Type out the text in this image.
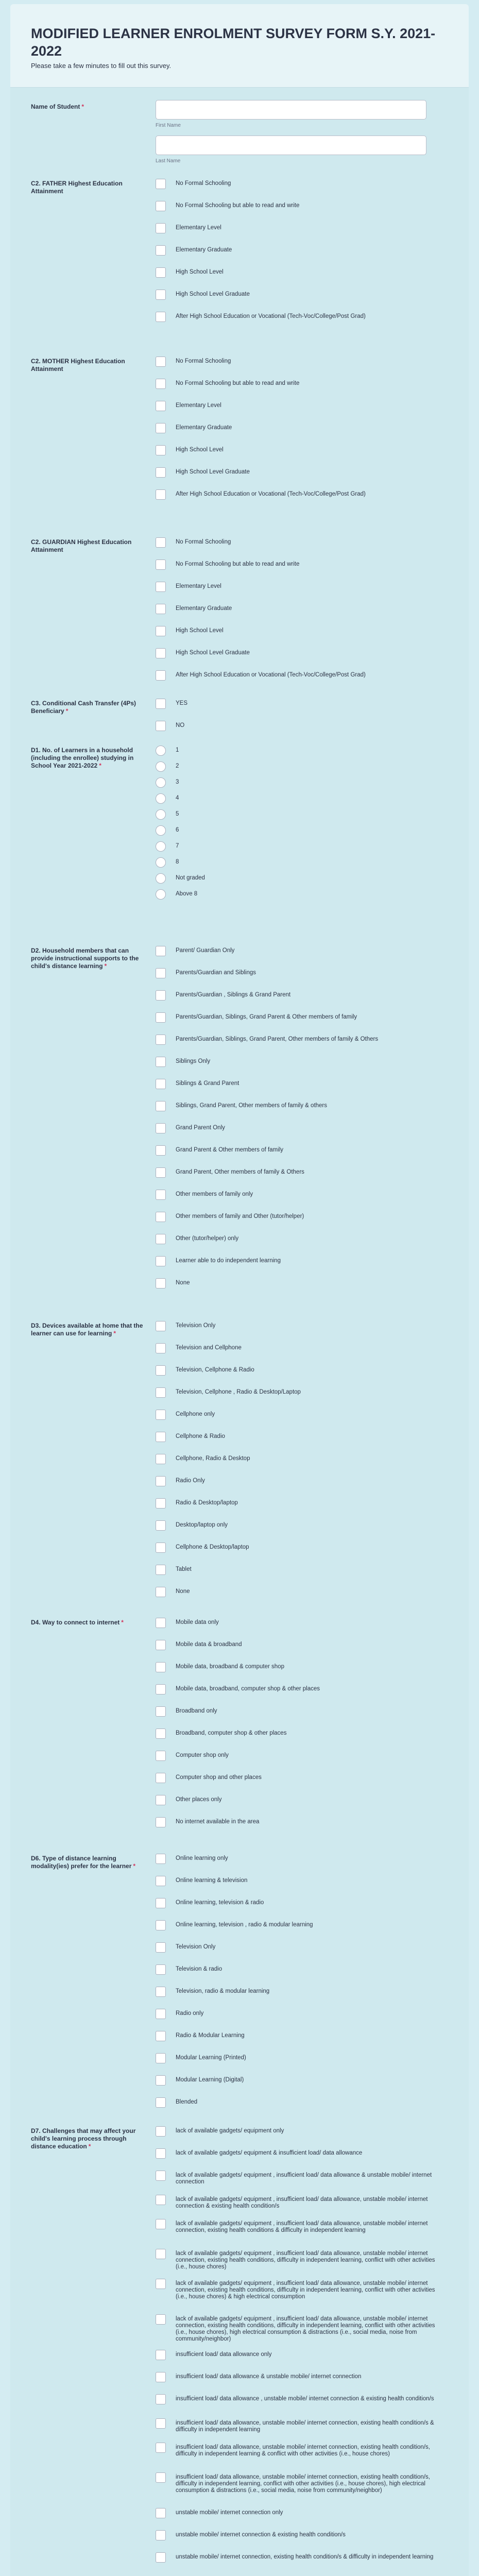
MODIFIED LEARNER ENROLMENT SURVEY FORM S.Y. 2021-2022

Please take a few minutes to fill out this survey.

Name of Student *
First Name
Last Name
C2. FATHER Highest Education Attainment
No Formal Schooling
No Formal Schooling but able to read and write
Elementary Level
Elementary Graduate
High School Level
High School Level Graduate
After High School Education or Vocational (Tech-Voc/College/Post Grad)
C2. MOTHER Highest Education Attainment
No Formal Schooling
No Formal Schooling but able to read and write
Elementary Level
Elementary Graduate
High School Level
High School Level Graduate
After High School Education or Vocational (Tech-Voc/College/Post Grad)
C2. GUARDIAN Highest Education Attainment
No Formal Schooling
No Formal Schooling but able to read and write
Elementary Level
Elementary Graduate
High School Level
High School Level Graduate
After High School Education or Vocational (Tech-Voc/College/Post Grad)
C3. Conditional Cash Transfer (4Ps) Beneficiary *
YES
NO
D1. No. of Learners in a household (including the enrollee) studying in School Year 2021-2022 *
1
2
3
4
5
6
7
8
Not graded
Above 8
D2. Household members that can provide instructional supports to the child's distance learning *
Parent/ Guardian Only
Parents/Guardian and Siblings
Parents/Guardian , Siblings & Grand Parent
Parents/Guardian, Siblings, Grand Parent & Other members of family
Parents/Guardian, Siblings, Grand Parent, Other members of family & Others
Siblings Only
Siblings & Grand Parent
Siblings, Grand Parent, Other members of family & others
Grand Parent Only
Grand Parent & Other members of family
Grand Parent, Other members of family & Others
Other members of family only
Other members of family and Other (tutor/helper)
Other (tutor/helper) only
Learner able to do independent learning
None
D3. Devices available at home that the learner can use for learning *
Television Only
Television and Cellphone
Television, Cellphone & Radio
Television, Cellphone , Radio & Desktop/Laptop
Cellphone only
Cellphone & Radio
Cellphone, Radio & Desktop
Radio Only
Radio & Desktop/laptop
Desktop/laptop only
Cellphone & Desktop/laptop
Tablet
None
D4. Way to connect to internet *	Mobile data only
Mobile data & broadband
Mobile data, broadband & computer shop
Mobile data, broadband, computer shop & other places
Broadband only
Broadband, computer shop & other places
Computer shop only
Computer shop and other places
Other places only
No internet available in the area
D6. Type of distance learning modality(ies) prefer for the learner *
Online learning only
Online learning & television
Online learning, television & radio
Online learning, television , radio & modular learning
Television Only
Television & radio
Television, radio & modular learning
Radio only
Radio & Modular Learning
Modular Learning (Printed)
Modular Learning (Digital)
Blended
D7. Challenges that may affect your child's learning process through distance education *
lack of available gadgets/ equipment only
lack of available gadgets/ equipment & insufficient load/ data allowance
lack of available gadgets/ equipment , insufficient load/ data allowance & unstable mobile/ internet connection
lack of available gadgets/ equipment , insufficient load/ data allowance, unstable mobile/ internet connection & existing health condition/s
lack of available gadgets/ equipment , insufficient load/ data allowance, unstable mobile/ internet connection, existing health conditions & difficulty in independent learning
lack of available gadgets/ equipment , insufficient load/ data allowance, unstable mobile/ internet connection, existing health conditions, difficulty in independent learning, conflict with other activities (i.e., house chores)
lack of available gadgets/ equipment , insufficient load/ data allowance, unstable mobile/ internet connection, existing health conditions, difficulty in independent learning, conflict with other activities (i.e., house chores) & high electrical consumption
lack of available gadgets/ equipment , insufficient load/ data allowance, unstable mobile/ internet connection, existing health conditions, difficulty in independent learning, conflict with other activities (i.e., house chores), high electrical consumption & distractions (i.e., social media, noise from community/neighbor)
insufficient load/ data allowance only
insufficient load/ data allowance & unstable mobile/ internet connection
insufficient load/ data allowance , unstable mobile/ internet connection & existing health condition/s
insufficient load/ data allowance, unstable mobile/ internet connection, existing health condition/s & difficulty in independent learning
insufficient load/ data allowance, unstable mobile/ internet connection, existing health condition/s, difficulty in independent learning & conflict with other activities (i.e., house chores)
insufficient load/ data allowance, unstable mobile/ internet connection, existing health condition/s, difficulty in independent learning, conflict with other activities (i.e., house chores), high electrical consumption & distractions (i.e., social media, noise from community/neighbor)
unstable mobile/ internet connection only
unstable mobile/ internet connection & existing health condition/s
unstable mobile/ internet connection, existing health condition/s & difficulty in independent learning
